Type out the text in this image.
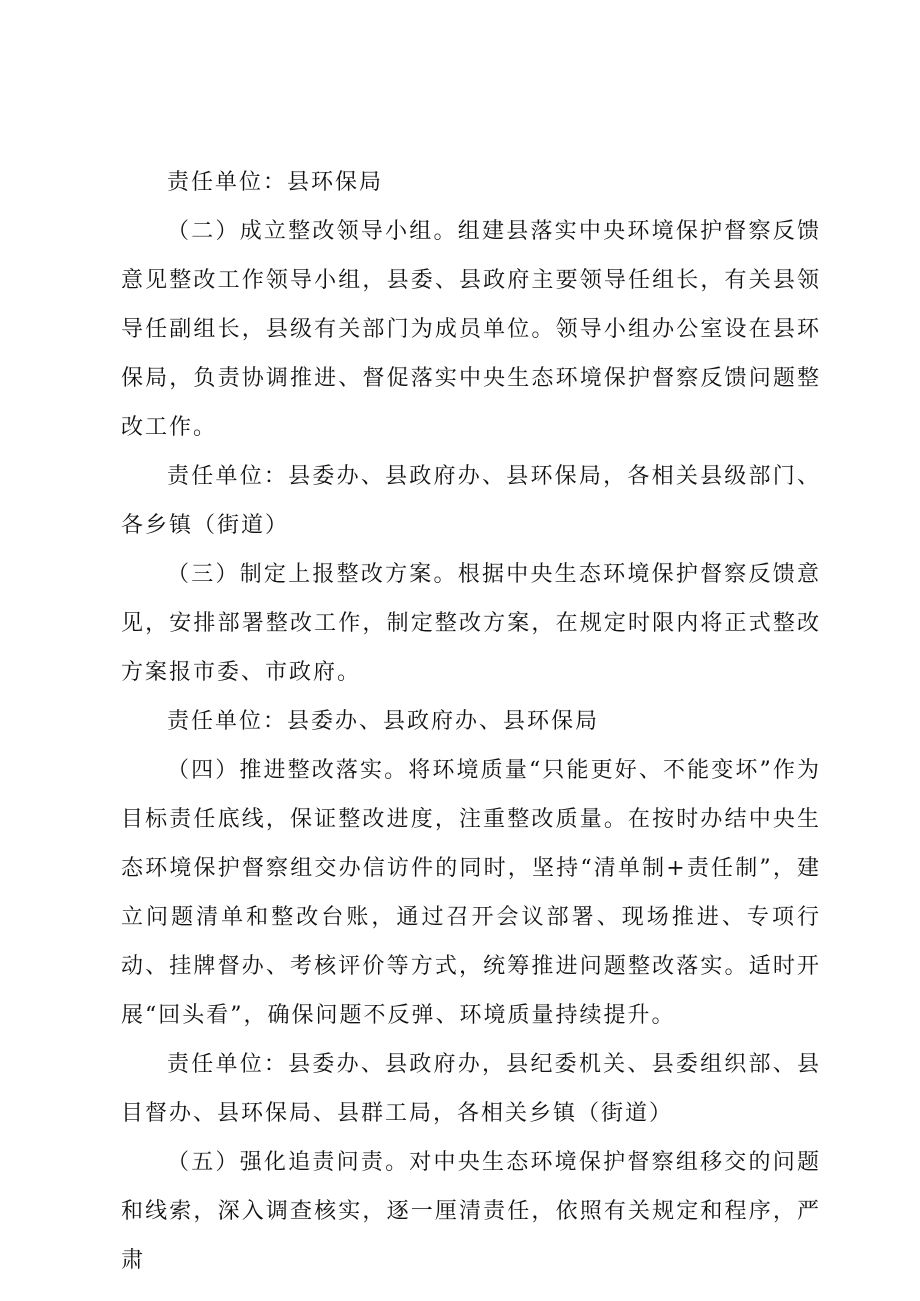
责任单位：县环保局

（二）成立整改领导小组。组建县落实中央环境保护督察反馈意见整改工作领导小组，县委、县政府主要领导任组长，有关县领导任副组长，县级有关部门为成员单位。领导小组办公室设在县环保局，负责协调推进、督促落实中央生态环境保护督察反馈问题整改工作。

责任单位：县委办、县政府办、县环保局，各相关县级部门、各乡镇（街道）

（三）制定上报整改方案。根据中央生态环境保护督察反馈意见，安排部署整改工作，制定整改方案，在规定时限内将正式整改方案报市委、市政府。

责任单位：县委办、县政府办、县环保局

（四）推进整改落实。将环境质量“只能更好、不能变坏”作为目标责任底线，保证整改进度，注重整改质量。在按时办结中央生态环境保护督察组交办信访件的同时，坚持“清单制+责任制”，建立问题清单和整改台账，通过召开会议部署、现场推进、专项行动、挂牌督办、考核评价等方式，统筹推进问题整改落实。适时开展“回头看”，确保问题不反弹、环境质量持续提升。

责任单位：县委办、县政府办，县纪委机关、县委组织部、县目督办、县环保局、县群工局，各相关乡镇（街道）

（五）强化追责问责。对中央生态环境保护督察组移交的问题和线索，深入调查核实，逐一厘清责任，依照有关规定和程序，严肃
